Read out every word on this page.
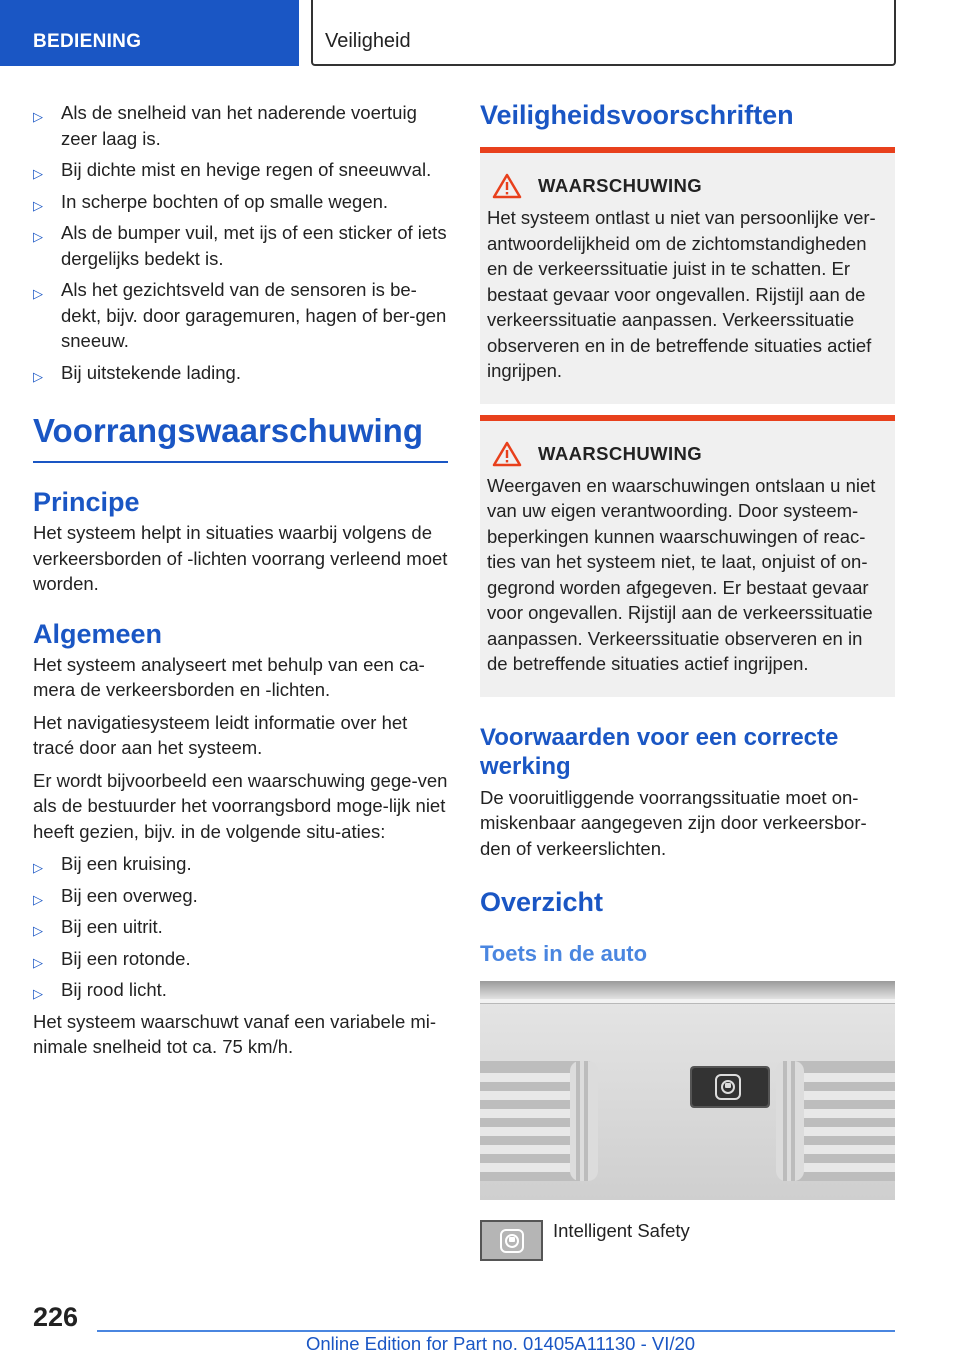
BEDIENING	Veiligheid
▷ Als de snelheid van het naderende voertuig zeer laag is.
▷ Bij dichte mist en hevige regen of sneeuwval.
▷ In scherpe bochten of op smalle wegen.
▷ Als de bumper vuil, met ijs of een sticker of iets dergelijks bedekt is.
▷ Als het gezichtsveld van de sensoren is be-dekt, bijv. door garagemuren, hagen of ber-gen sneeuw.
▷ Bij uitstekende lading.
Voorrangswaarschuwing
Principe

Het systeem helpt in situaties waarbij volgens de verkeersborden of -lichten voorrang verleend moet worden.

Algemeen

Het systeem analyseert met behulp van een ca-mera de verkeersborden en -lichten.

Het navigatiesysteem leidt informatie over het tracé door aan het systeem.

Er wordt bijvoorbeeld een waarschuwing gege-ven als de bestuurder het voorrangsbord moge-lijk niet heeft gezien, bijv. in de volgende situ-aties:

▷ Bij een kruising.
▷ Bij een overweg.
▷ Bij een uitrit.
▷ Bij een rotonde.
▷ Bij rood licht.

Het systeem waarschuwt vanaf een variabele mi-nimale snelheid tot ca. 75 km/h.

Veiligheidsvoorschriften
WAARSCHUWING

Het systeem ontlast u niet van persoonlijke ver-antwoordelijkheid om de zichtomstandigheden en de verkeerssituatie juist in te schatten. Er bestaat gevaar voor ongevallen. Rijstijl aan de verkeerssituatie aanpassen. Verkeerssituatie observeren en in de betreffende situaties actief ingrijpen.

WAARSCHUWING

Weergaven en waarschuwingen ontslaan u niet van uw eigen verantwoording. Door systeem-beperkingen kunnen waarschuwingen of reac-ties van het systeem niet, te laat, onjuist of on-gegrond worden afgegeven. Er bestaat gevaar voor ongevallen. Rijstijl aan de verkeerssituatie aanpassen. Verkeerssituatie observeren en in de betreffende situaties actief ingrijpen.

Voorwaarden voor een correcte werking

De vooruitliggende voorrangssituatie moet on-miskenbaar aangegeven zijn door verkeersbor-den of verkeerslichten.

Overzicht
Toets in de auto
Intelligent Safety
226
Online Edition for Part no. 01405A11130 - VI/20
